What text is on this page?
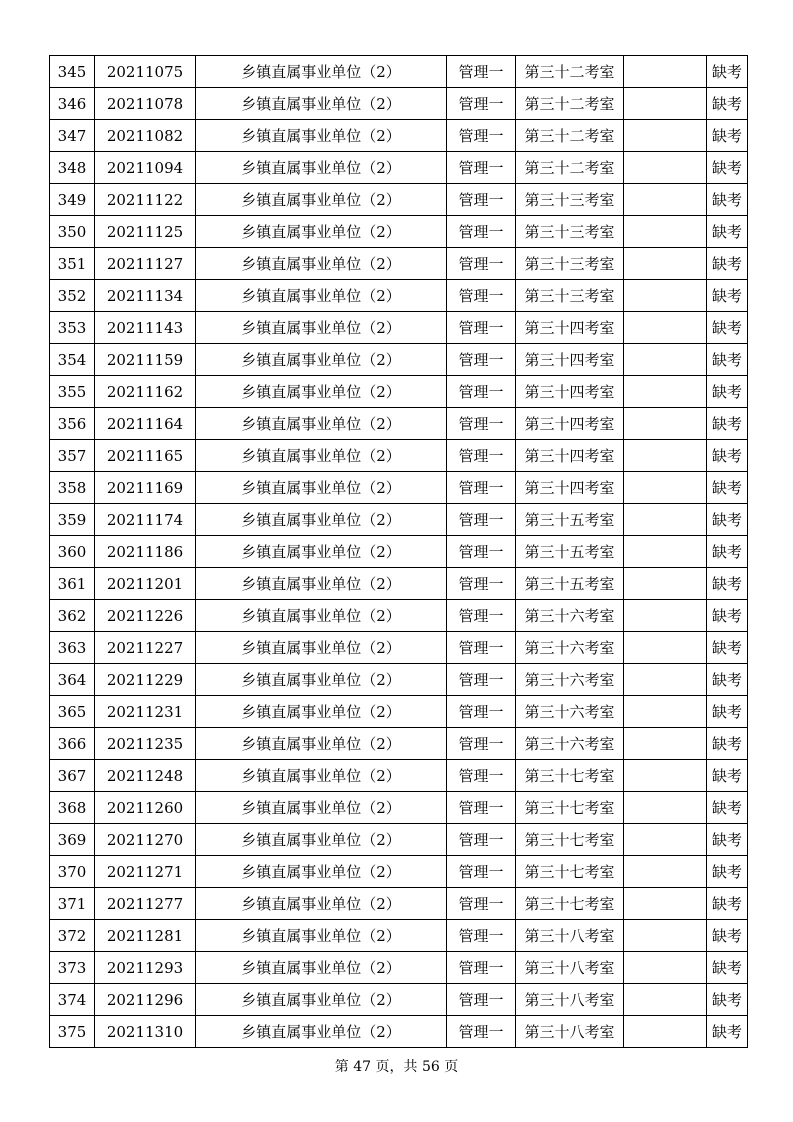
345	20211075	乡镇直属事业单位（2）	管理一	第三十二考室		缺考
346	20211078	乡镇直属事业单位（2）	管理一	第三十二考室		缺考
347	20211082	乡镇直属事业单位（2）	管理一	第三十二考室		缺考
348	20211094	乡镇直属事业单位（2）	管理一	第三十二考室		缺考
349	20211122	乡镇直属事业单位（2）	管理一	第三十三考室		缺考
350	20211125	乡镇直属事业单位（2）	管理一	第三十三考室		缺考
351	20211127	乡镇直属事业单位（2）	管理一	第三十三考室		缺考
352	20211134	乡镇直属事业单位（2）	管理一	第三十三考室		缺考
353	20211143	乡镇直属事业单位（2）	管理一	第三十四考室		缺考
354	20211159	乡镇直属事业单位（2）	管理一	第三十四考室		缺考
355	20211162	乡镇直属事业单位（2）	管理一	第三十四考室		缺考
356	20211164	乡镇直属事业单位（2）	管理一	第三十四考室		缺考
357	20211165	乡镇直属事业单位（2）	管理一	第三十四考室		缺考
358	20211169	乡镇直属事业单位（2）	管理一	第三十四考室		缺考
359	20211174	乡镇直属事业单位（2）	管理一	第三十五考室		缺考
360	20211186	乡镇直属事业单位（2）	管理一	第三十五考室		缺考
361	20211201	乡镇直属事业单位（2）	管理一	第三十五考室		缺考
362	20211226	乡镇直属事业单位（2）	管理一	第三十六考室		缺考
363	20211227	乡镇直属事业单位（2）	管理一	第三十六考室		缺考
364	20211229	乡镇直属事业单位（2）	管理一	第三十六考室		缺考
365	20211231	乡镇直属事业单位（2）	管理一	第三十六考室		缺考
366	20211235	乡镇直属事业单位（2）	管理一	第三十六考室		缺考
367	20211248	乡镇直属事业单位（2）	管理一	第三十七考室		缺考
368	20211260	乡镇直属事业单位（2）	管理一	第三十七考室		缺考
369	20211270	乡镇直属事业单位（2）	管理一	第三十七考室		缺考
370	20211271	乡镇直属事业单位（2）	管理一	第三十七考室		缺考
371	20211277	乡镇直属事业单位（2）	管理一	第三十七考室		缺考
372	20211281	乡镇直属事业单位（2）	管理一	第三十八考室		缺考
373	20211293	乡镇直属事业单位（2）	管理一	第三十八考室		缺考
374	20211296	乡镇直属事业单位（2）	管理一	第三十八考室		缺考
375	20211310	乡镇直属事业单位（2）	管理一	第三十八考室		缺考
第 47 页，共 56 页
